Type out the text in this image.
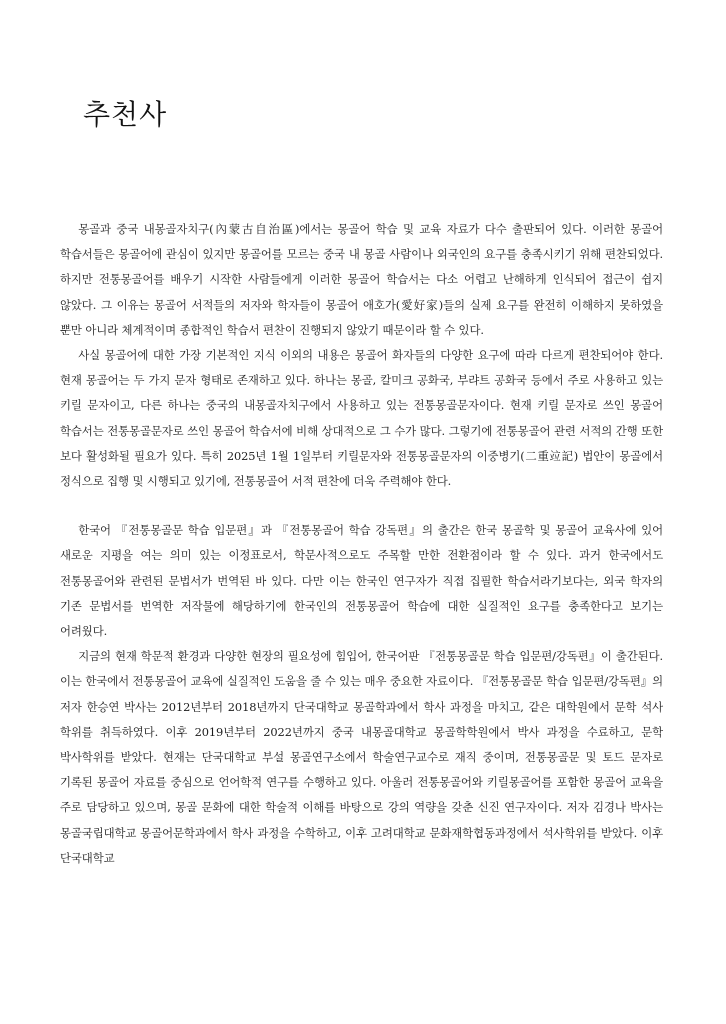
추천사

몽골과 중국 내몽골자치구(內蒙古自治區)에서는 몽골어 학습 및 교육 자료가 다수 출판되어 있다. 이러한 몽골어 학습서들은 몽골어에 관심이 있지만 몽골어를 모르는 중국 내 몽골 사람이나 외국인의 요구를 충족시키기 위해 편찬되었다. 하지만 전통몽골어를 배우기 시작한 사람들에게 이러한 몽골어 학습서는 다소 어렵고 난해하게 인식되어 접근이 쉽지 않았다. 그 이유는 몽골어 서적들의 저자와 학자들이 몽골어 애호가(愛好家)들의 실제 요구를 완전히 이해하지 못하였을 뿐만 아니라 체계적이며 종합적인 학습서 편찬이 진행되지 않았기 때문이라 할 수 있다.

사실 몽골어에 대한 가장 기본적인 지식 이외의 내용은 몽골어 화자들의 다양한 요구에 따라 다르게 편찬되어야 한다. 현재 몽골어는 두 가지 문자 형태로 존재하고 있다. 하나는 몽골, 칼미크 공화국, 부랴트 공화국 등에서 주로 사용하고 있는 키릴 문자이고, 다른 하나는 중국의 내몽골자치구에서 사용하고 있는 전통몽골문자이다. 현재 키릴 문자로 쓰인 몽골어 학습서는 전통몽골문자로 쓰인 몽골어 학습서에 비해 상대적으로 그 수가 많다. 그렇기에 전통몽골어 관련 서적의 간행 또한 보다 활성화될 필요가 있다. 특히 2025년 1월 1일부터 키릴문자와 전통몽골문자의 이중병기(二重竝記) 법안이 몽골에서 정식으로 집행 및 시행되고 있기에, 전통몽골어 서적 편찬에 더욱 주력해야 한다.

한국어 『전통몽골문 학습 입문편』과 『전통몽골어 학습 강독편』의 출간은 한국 몽골학 및 몽골어 교육사에 있어 새로운 지평을 여는 의미 있는 이정표로서, 학문사적으로도 주목할 만한 전환점이라 할 수 있다. 과거 한국에서도 전통몽골어와 관련된 문법서가 번역된 바 있다. 다만 이는 한국인 연구자가 직접 집필한 학습서라기보다는, 외국 학자의 기존 문법서를 번역한 저작물에 해당하기에 한국인의 전통몽골어 학습에 대한 실질적인 요구를 충족한다고 보기는 어려웠다.

지금의 현재 학문적 환경과 다양한 현장의 필요성에 힘입어, 한국어판 『전통몽골문 학습 입문편/강독편』이 출간된다. 이는 한국에서 전통몽골어 교육에 실질적인 도움을 줄 수 있는 매우 중요한 자료이다. 『전통몽골문 학습 입문편/강독편』의 저자 한승연 박사는 2012년부터 2018년까지 단국대학교 몽골학과에서 학사 과정을 마치고, 같은 대학원에서 문학 석사 학위를 취득하였다. 이후 2019년부터 2022년까지 중국 내몽골대학교 몽골학학원에서 박사 과정을 수료하고, 문학 박사학위를 받았다. 현재는 단국대학교 부설 몽골연구소에서 학술연구교수로 재직 중이며, 전통몽골문 및 토드 문자로 기록된 몽골어 자료를 중심으로 언어학적 연구를 수행하고 있다. 아울러 전통몽골어와 키릴몽골어를 포함한 몽골어 교육을 주로 담당하고 있으며, 몽골 문화에 대한 학술적 이해를 바탕으로 강의 역량을 갖춘 신진 연구자이다. 저자 김경나 박사는 몽골국립대학교 몽골어문학과에서 학사 과정을 수학하고, 이후 고려대학교 문화재학협동과정에서 석사학위를 받았다. 이후 단국대학교
